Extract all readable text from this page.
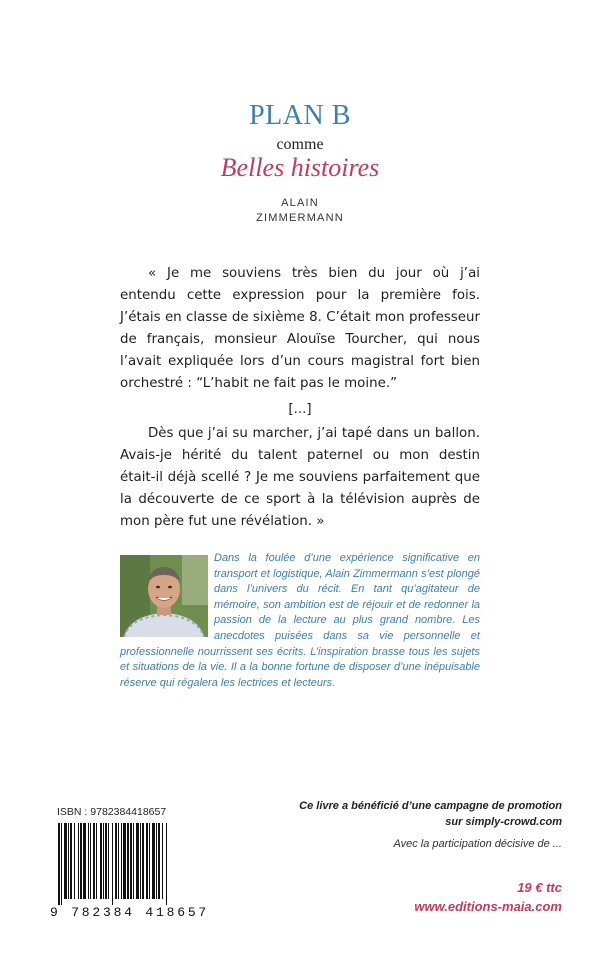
PLAN B
comme
Belles histoires
ALAIN
ZIMMERMANN

« Je me souviens très bien du jour où j’ai entendu cette expression pour la première fois. J’étais en classe de sixième 8. C’était mon professeur de français, monsieur Alouïse Tourcher, qui nous l’avait expliquée lors d’un cours magistral fort bien orchestré : “L’habit ne fait pas le moine.”

[...]

Dès que j’ai su marcher, j’ai tapé dans un ballon. Avais-je hérité du talent paternel ou mon destin était-il déjà scellé ? Je me souviens parfaitement que la découverte de ce sport à la télévision auprès de mon père fut une révélation. »

Dans la foulée d’une expérience significative en transport et logistique, Alain Zimmermann s’est plongé dans l’univers du récit. En tant qu’agitateur de mémoire, son ambition est de réjouir et de redonner la passion de la lecture au plus grand nombre. Les anecdotes puisées dans sa vie personnelle et professionnelle nourrissent ses écrits. L’inspiration brasse tous les sujets et situations de la vie. Il a la bonne fortune de disposer d’une inépuisable réserve qui régalera les lectrices et lecteurs.
ISBN : 9782384418657
9 782384 418657
Ce livre a bénéficié d’une campagne de promotion
sur simply-crowd.com
Avec la participation décisive de ...
19 € ttc
www.editions-maia.com
